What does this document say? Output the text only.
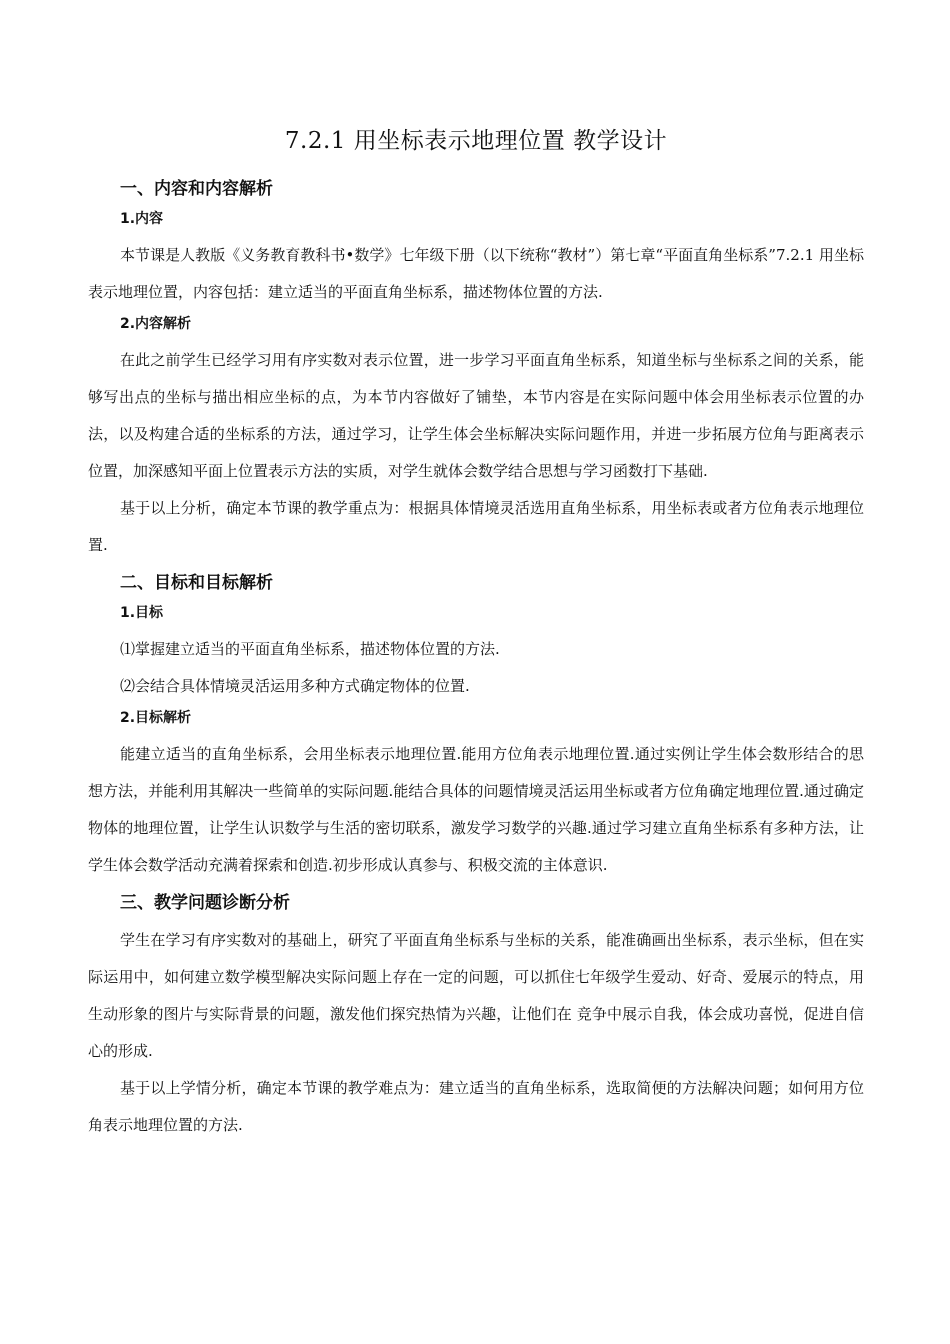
7.2.1 用坐标表示地理位置 教学设计
一、内容和内容解析
1.内容

本节课是人教版《义务教育教科书•数学》七年级下册（以下统称“教材”）第七章“平面直角坐标系”7.2.1 用坐标表示地理位置，内容包括：建立适当的平面直角坐标系，描述物体位置的方法.

2.内容解析

在此之前学生已经学习用有序实数对表示位置，进一步学习平面直角坐标系，知道坐标与坐标系之间的关系，能够写出点的坐标与描出相应坐标的点，为本节内容做好了铺垫，本节内容是在实际问题中体会用坐标表示位置的办法，以及构建合适的坐标系的方法，通过学习，让学生体会坐标解决实际问题作用，并进一步拓展方位角与距离表示位置，加深感知平面上位置表示方法的实质，对学生就体会数学结合思想与学习函数打下基础.

基于以上分析，确定本节课的教学重点为：根据具体情境灵活选用直角坐标系，用坐标表或者方位角表示地理位置.

二、目标和目标解析
1.目标

⑴掌握建立适当的平面直角坐标系，描述物体位置的方法.

⑵会结合具体情境灵活运用多种方式确定物体的位置.

2.目标解析

能建立适当的直角坐标系，会用坐标表示地理位置.能用方位角表示地理位置.通过实例让学生体会数形结合的思想方法，并能利用其解决一些简单的实际问题.能结合具体的问题情境灵活运用坐标或者方位角确定地理位置.通过确定物体的地理位置，让学生认识数学与生活的密切联系，激发学习数学的兴趣.通过学习建立直角坐标系有多种方法，让学生体会数学活动充满着探索和创造.初步形成认真参与、积极交流的主体意识.

三、教学问题诊断分析

学生在学习有序实数对的基础上，研究了平面直角坐标系与坐标的关系，能准确画出坐标系，表示坐标，但在实际运用中，如何建立数学模型解决实际问题上存在一定的问题，可以抓住七年级学生爱动、好奇、爱展示的特点，用生动形象的图片与实际背景的问题，激发他们探究热情为兴趣，让他们在 竞争中展示自我，体会成功喜悦，促进自信心的形成.

基于以上学情分析，确定本节课的教学难点为：建立适当的直角坐标系，选取简便的方法解决问题；如何用方位角表示地理位置的方法.
